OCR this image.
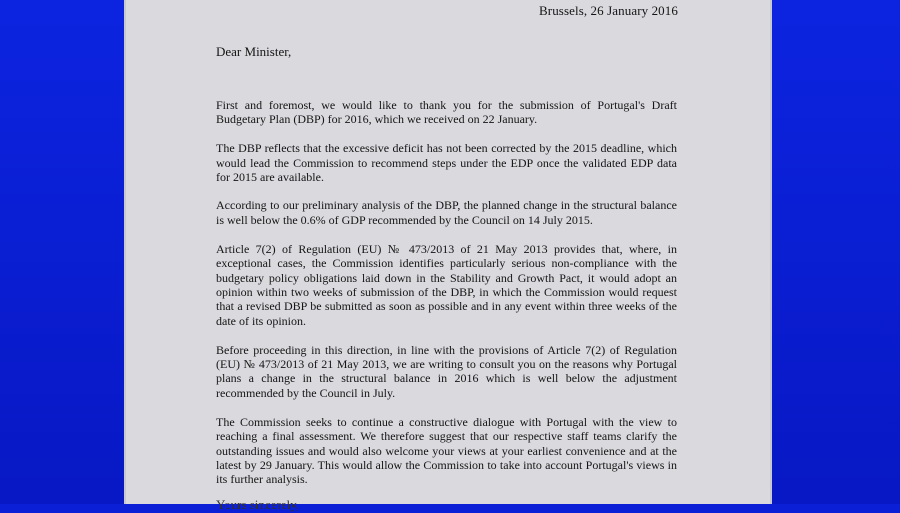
Brussels, 26 January 2016
Dear Minister,

First and foremost, we would like to thank you for the submission of Portugal's Draft Budgetary Plan (DBP) for 2016, which we received on 22 January.

The DBP reflects that the excessive deficit has not been corrected by the 2015 deadline, which would lead the Commission to recommend steps under the EDP once the validated EDP data for 2015 are available.

According to our preliminary analysis of the DBP, the planned change in the structural balance is well below the 0.6% of GDP recommended by the Council on 14 July 2015.

Article 7(2) of Regulation (EU) № 473/2013 of 21 May 2013 provides that, where, in exceptional cases, the Commission identifies particularly serious non-compliance with the budgetary policy obligations laid down in the Stability and Growth Pact, it would adopt an opinion within two weeks of submission of the DBP, in which the Commission would request that a revised DBP be submitted as soon as possible and in any event within three weeks of the date of its opinion.

Before proceeding in this direction, in line with the provisions of Article 7(2) of Regulation (EU) № 473/2013 of 21 May 2013, we are writing to consult you on the reasons why Portugal plans a change in the structural balance in 2016 which is well below the adjustment recommended by the Council in July.

The Commission seeks to continue a constructive dialogue with Portugal with the view to reaching a final assessment. We therefore suggest that our respective staff teams clarify the outstanding issues and would also welcome your views at your earliest convenience and at the latest by 29 January. This would allow the Commission to take into account Portugal's views in its further analysis.

Yours sincerely,
